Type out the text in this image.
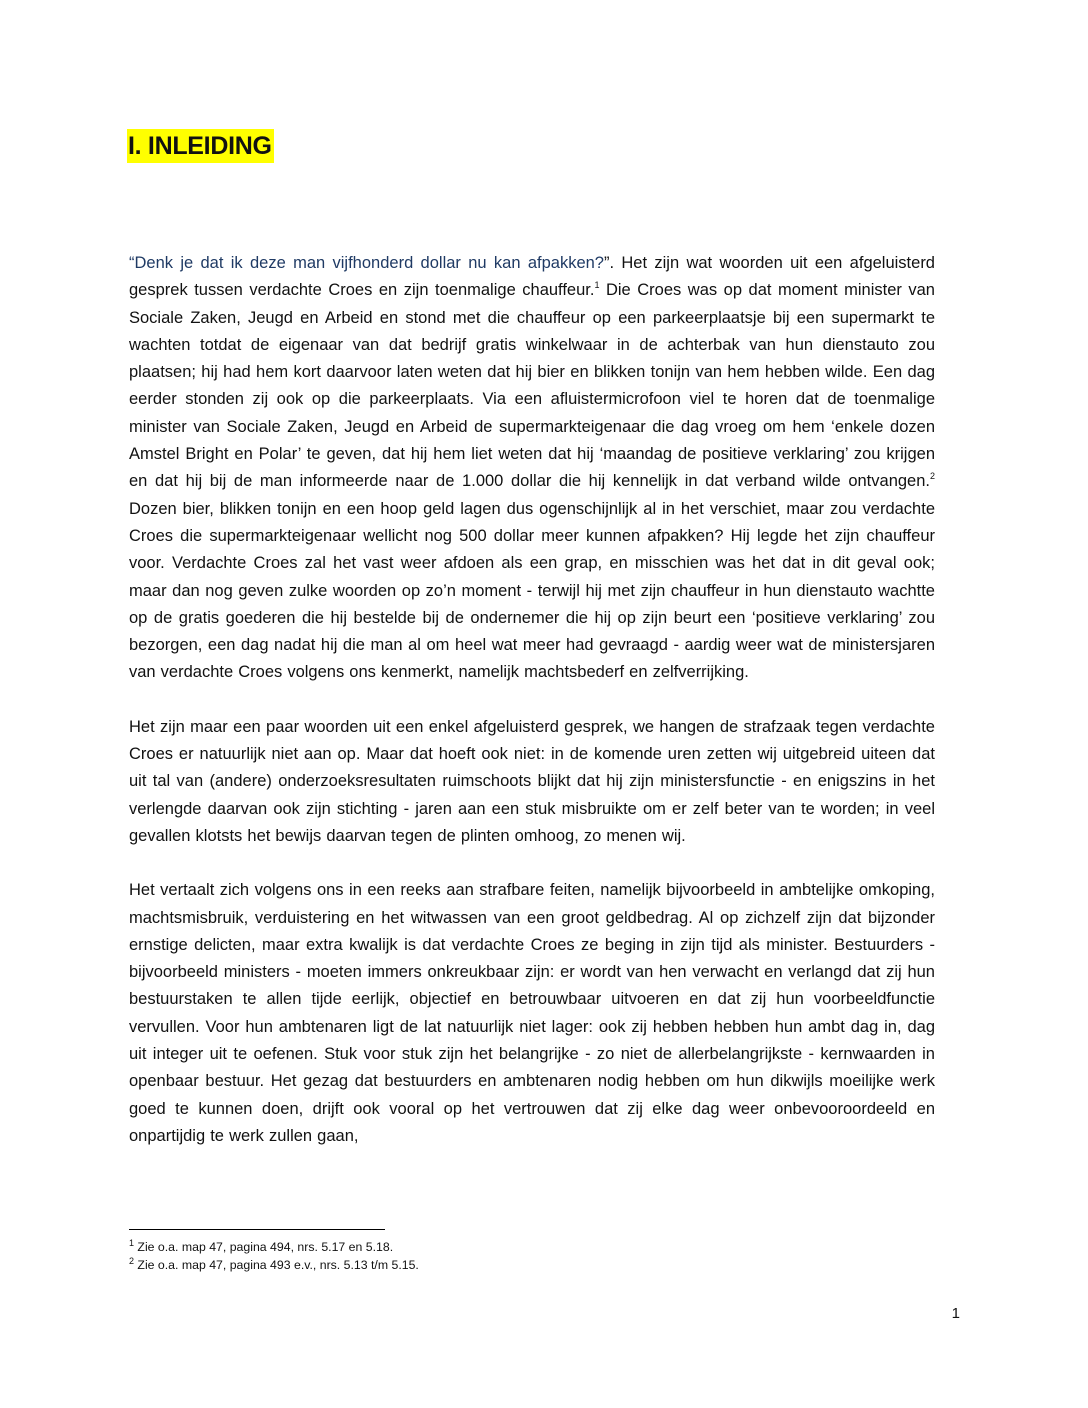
I. INLEIDING

“Denk je dat ik deze man vijfhonderd dollar nu kan afpakken?”. Het zijn wat woorden uit een afgeluisterd gesprek tussen verdachte Croes en zijn toenmalige chauffeur.$^1$ Die Croes was op dat moment minister van Sociale Zaken, Jeugd en Arbeid en stond met die chauffeur op een parkeerplaatsje bij een supermarkt te wachten totdat de eigenaar van dat bedrijf gratis winkelwaar in de achterbak van hun dienstauto zou plaatsen; hij had hem kort daarvoor laten weten dat hij bier en blikken tonijn van hem hebben wilde. Een dag eerder stonden zij ook op die parkeerplaats. Via een afluistermicrofoon viel te horen dat de toenmalige minister van Sociale Zaken, Jeugd en Arbeid de supermarkteigenaar die dag vroeg om hem ‘enkele dozen Amstel Bright en Polar’ te geven, dat hij hem liet weten dat hij ‘maandag de positieve verklaring’ zou krijgen en dat hij bij de man informeerde naar de 1.000 dollar die hij kennelijk in dat verband wilde ontvangen.$^2$ Dozen bier, blikken tonijn en een hoop geld lagen dus ogenschijnlijk al in het verschiet, maar zou verdachte Croes die supermarkteigenaar wellicht nog 500 dollar meer kunnen afpakken? Hij legde het zijn chauffeur voor. Verdachte Croes zal het vast weer afdoen als een grap, en misschien was het dat in dit geval ook; maar dan nog geven zulke woorden op zo’n moment - terwijl hij met zijn chauffeur in hun dienstauto wachtte op de gratis goederen die hij bestelde bij de ondernemer die hij op zijn beurt een ‘positieve verklaring’ zou bezorgen, een dag nadat hij die man al om heel wat meer had gevraagd - aardig weer wat de ministersjaren van verdachte Croes volgens ons kenmerkt, namelijk machtsbederf en zelfverrijking.

Het zijn maar een paar woorden uit een enkel afgeluisterd gesprek, we hangen de strafzaak tegen verdachte Croes er natuurlijk niet aan op. Maar dat hoeft ook niet: in de komende uren zetten wij uitgebreid uiteen dat uit tal van (andere) onderzoeksresultaten ruimschoots blijkt dat hij zijn ministersfunctie - en enigszins in het verlengde daarvan ook zijn stichting - jaren aan een stuk misbruikte om er zelf beter van te worden; in veel gevallen klotsts het bewijs daarvan tegen de plinten omhoog, zo menen wij.

Het vertaalt zich volgens ons in een reeks aan strafbare feiten, namelijk bijvoorbeeld in ambtelijke omkoping, machtsmisbruik, verduistering en het witwassen van een groot geldbedrag. Al op zichzelf zijn dat bijzonder ernstige delicten, maar extra kwalijk is dat verdachte Croes ze beging in zijn tijd als minister. Bestuurders - bijvoorbeeld ministers - moeten immers onkreukbaar zijn: er wordt van hen verwacht en verlangd dat zij hun bestuurstaken te allen tijde eerlijk, objectief en betrouwbaar uitvoeren en dat zij hun voorbeeldfunctie vervullen. Voor hun ambtenaren ligt de lat natuurlijk niet lager: ook zij hebben hebben hun ambt dag in, dag uit integer uit te oefenen. Stuk voor stuk zijn het belangrijke - zo niet de allerbelangrijkste - kernwaarden in openbaar bestuur. Het gezag dat bestuurders en ambtenaren nodig hebben om hun dikwijls moeilijke werk goed te kunnen doen, drijft ook vooral op het vertrouwen dat zij elke dag weer onbevooroordeeld en onpartijdig te werk zullen gaan,

$^1$ Zie o.a. map 47, pagina 494, nrs. 5.17 en 5.18.

$^2$ Zie o.a. map 47, pagina 493 e.v., nrs. 5.13 t/m 5.15.

1
